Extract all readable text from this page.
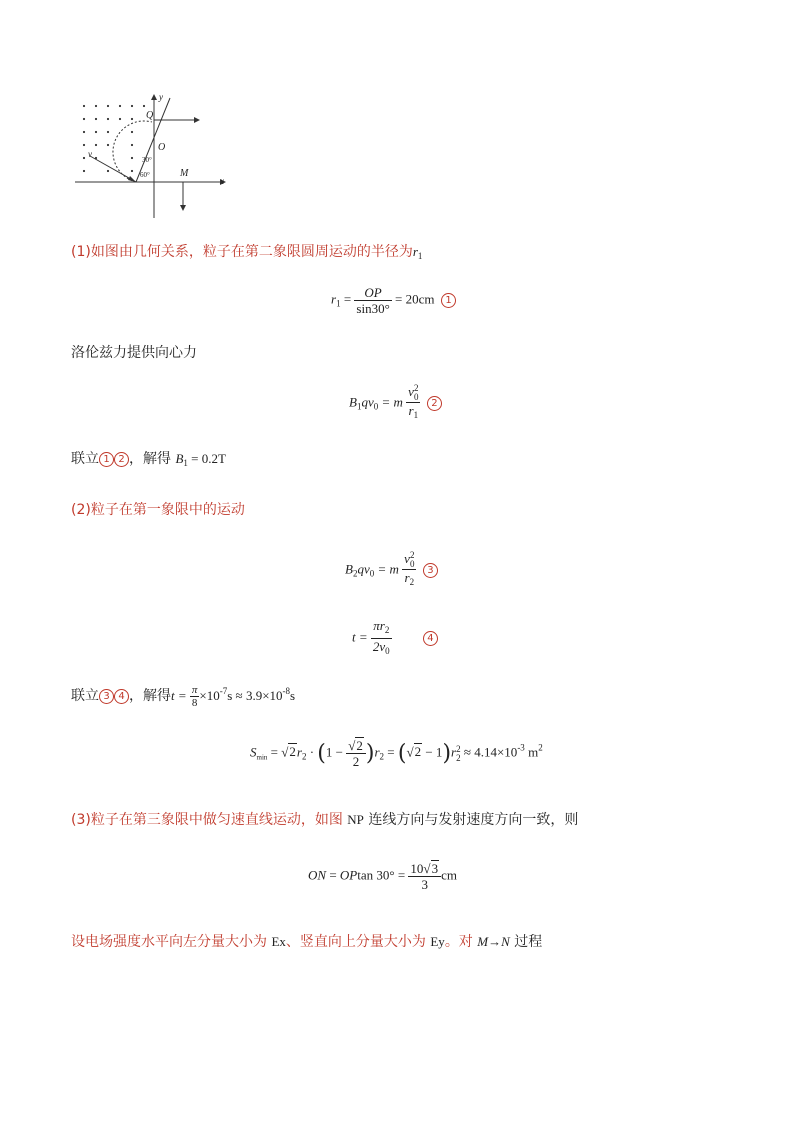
y
x
Q
O
v
30°
60°	M
(1)如图由几何关系，粒子在第二象限圆周运动的半径为$r_1$
$r_1 = \frac{OP}{\sin 30^\circ} = 20cm$ 1
洛伦兹力提供向心力
$B_1qv_0 = m$
v2
0
$r_1$
2
联立 1 2 ，解得 $B_1 = 0.2T$
(2)粒子在第一象限中的运动
$B_2qv_0 = m$
v2
0
$r_2$
3
$t = \frac{\pi r_2}{2v_0}$	4
联立 3 4 ，解得$t = \frac{\pi}{8} \times 10^{-7}s \approx 3.9\times 10^{-8}s$
$S_{min} = √2r_2 \cdot (1 - \frac{√2}{2} )r_2 = (√2 - 1)r2$
$2 \approx 4.14\times 10^{-3}$ $m^2$
(3)粒子在第三象限中做匀速直线运动，如图 NP 连线方向与发射速度方向一致，则
ON = OPtan $30^\circ = \frac{10√3}{3}$ cm
设电场强度水平向左分量大小为 Ex、竖直向上分量大小为 Ey。对 M→N 过程
